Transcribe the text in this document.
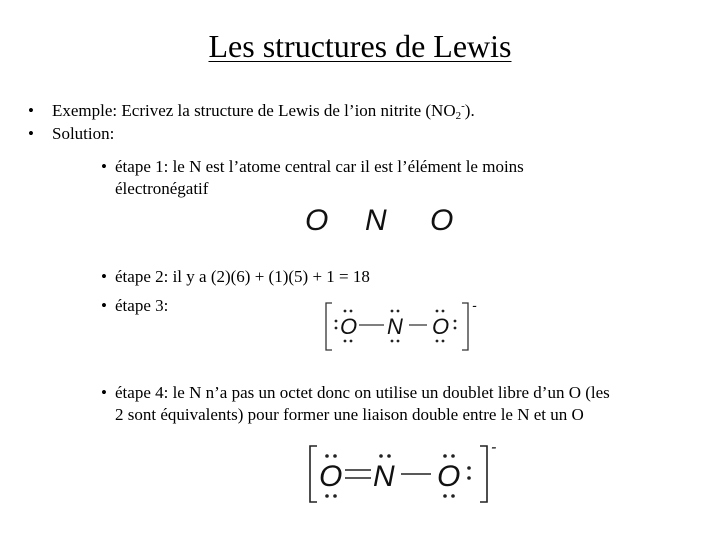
Les structures de Lewis
• Exemple: Ecrivez la structure de Lewis de l’ion nitrite $(NO_2^-)$.
• Solution:
• étape 1: le N est l’atome central car il est l’élément le moins
électronégatif
O N O
• étape 2: il y a (2)(6) + (1)(5) + 1 = 18
• étape 3:
O N O
-
• étape 4: le N n’a pas un octet donc on utilise un doublet libre d’un O (les
2 sont équivalents) pour former une liaison double entre le N et un O
O N O
-
